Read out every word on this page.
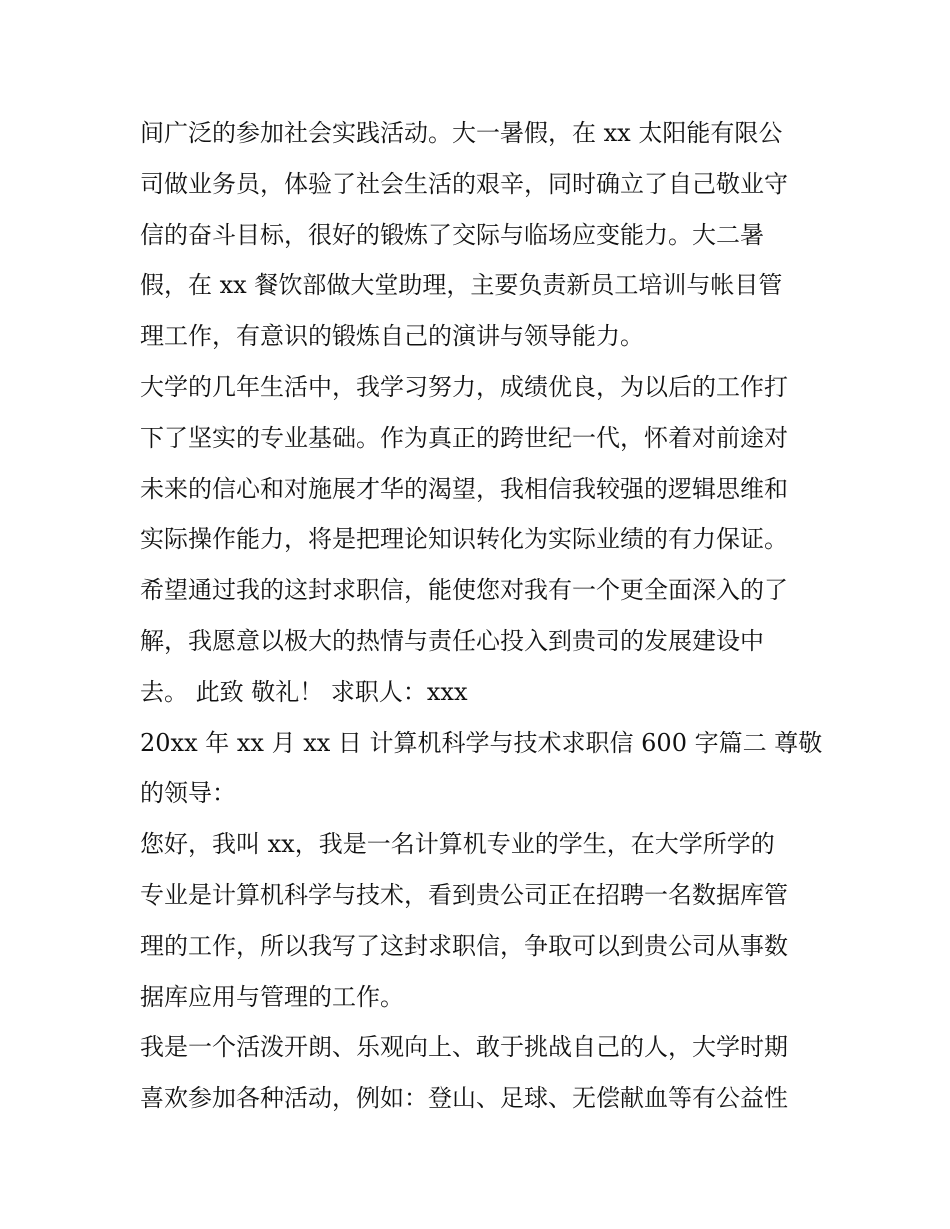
间广泛的参加社会实践活动。大一暑假，在 xx 太阳能有限公
司做业务员，体验了社会生活的艰辛，同时确立了自己敬业守
信的奋斗目标，很好的锻炼了交际与临场应变能力。大二暑
假，在 xx 餐饮部做大堂助理，主要负责新员工培训与帐目管
理工作，有意识的锻炼自己的演讲与领导能力。
大学的几年生活中，我学习努力，成绩优良，为以后的工作打
下了坚实的专业基础。作为真正的跨世纪一代，怀着对前途对
未来的信心和对施展才华的渴望，我相信我较强的逻辑思维和
实际操作能力，将是把理论知识转化为实际业绩的有力保证。
希望通过我的这封求职信，能使您对我有一个更全面深入的了
解，我愿意以极大的热情与责任心投入到贵司的发展建设中
去。 此致 敬礼！ 求职人：xxx
20xx 年 xx 月 xx 日 计算机科学与技术求职信 600 字篇二 尊敬
的领导：
您好，我叫 xx，我是一名计算机专业的学生，在大学所学的
专业是计算机科学与技术，看到贵公司正在招聘一名数据库管
理的工作，所以我写了这封求职信，争取可以到贵公司从事数
据库应用与管理的工作。
我是一个活泼开朗、乐观向上、敢于挑战自己的人，大学时期
喜欢参加各种活动，例如：登山、足球、无偿献血等有公益性
